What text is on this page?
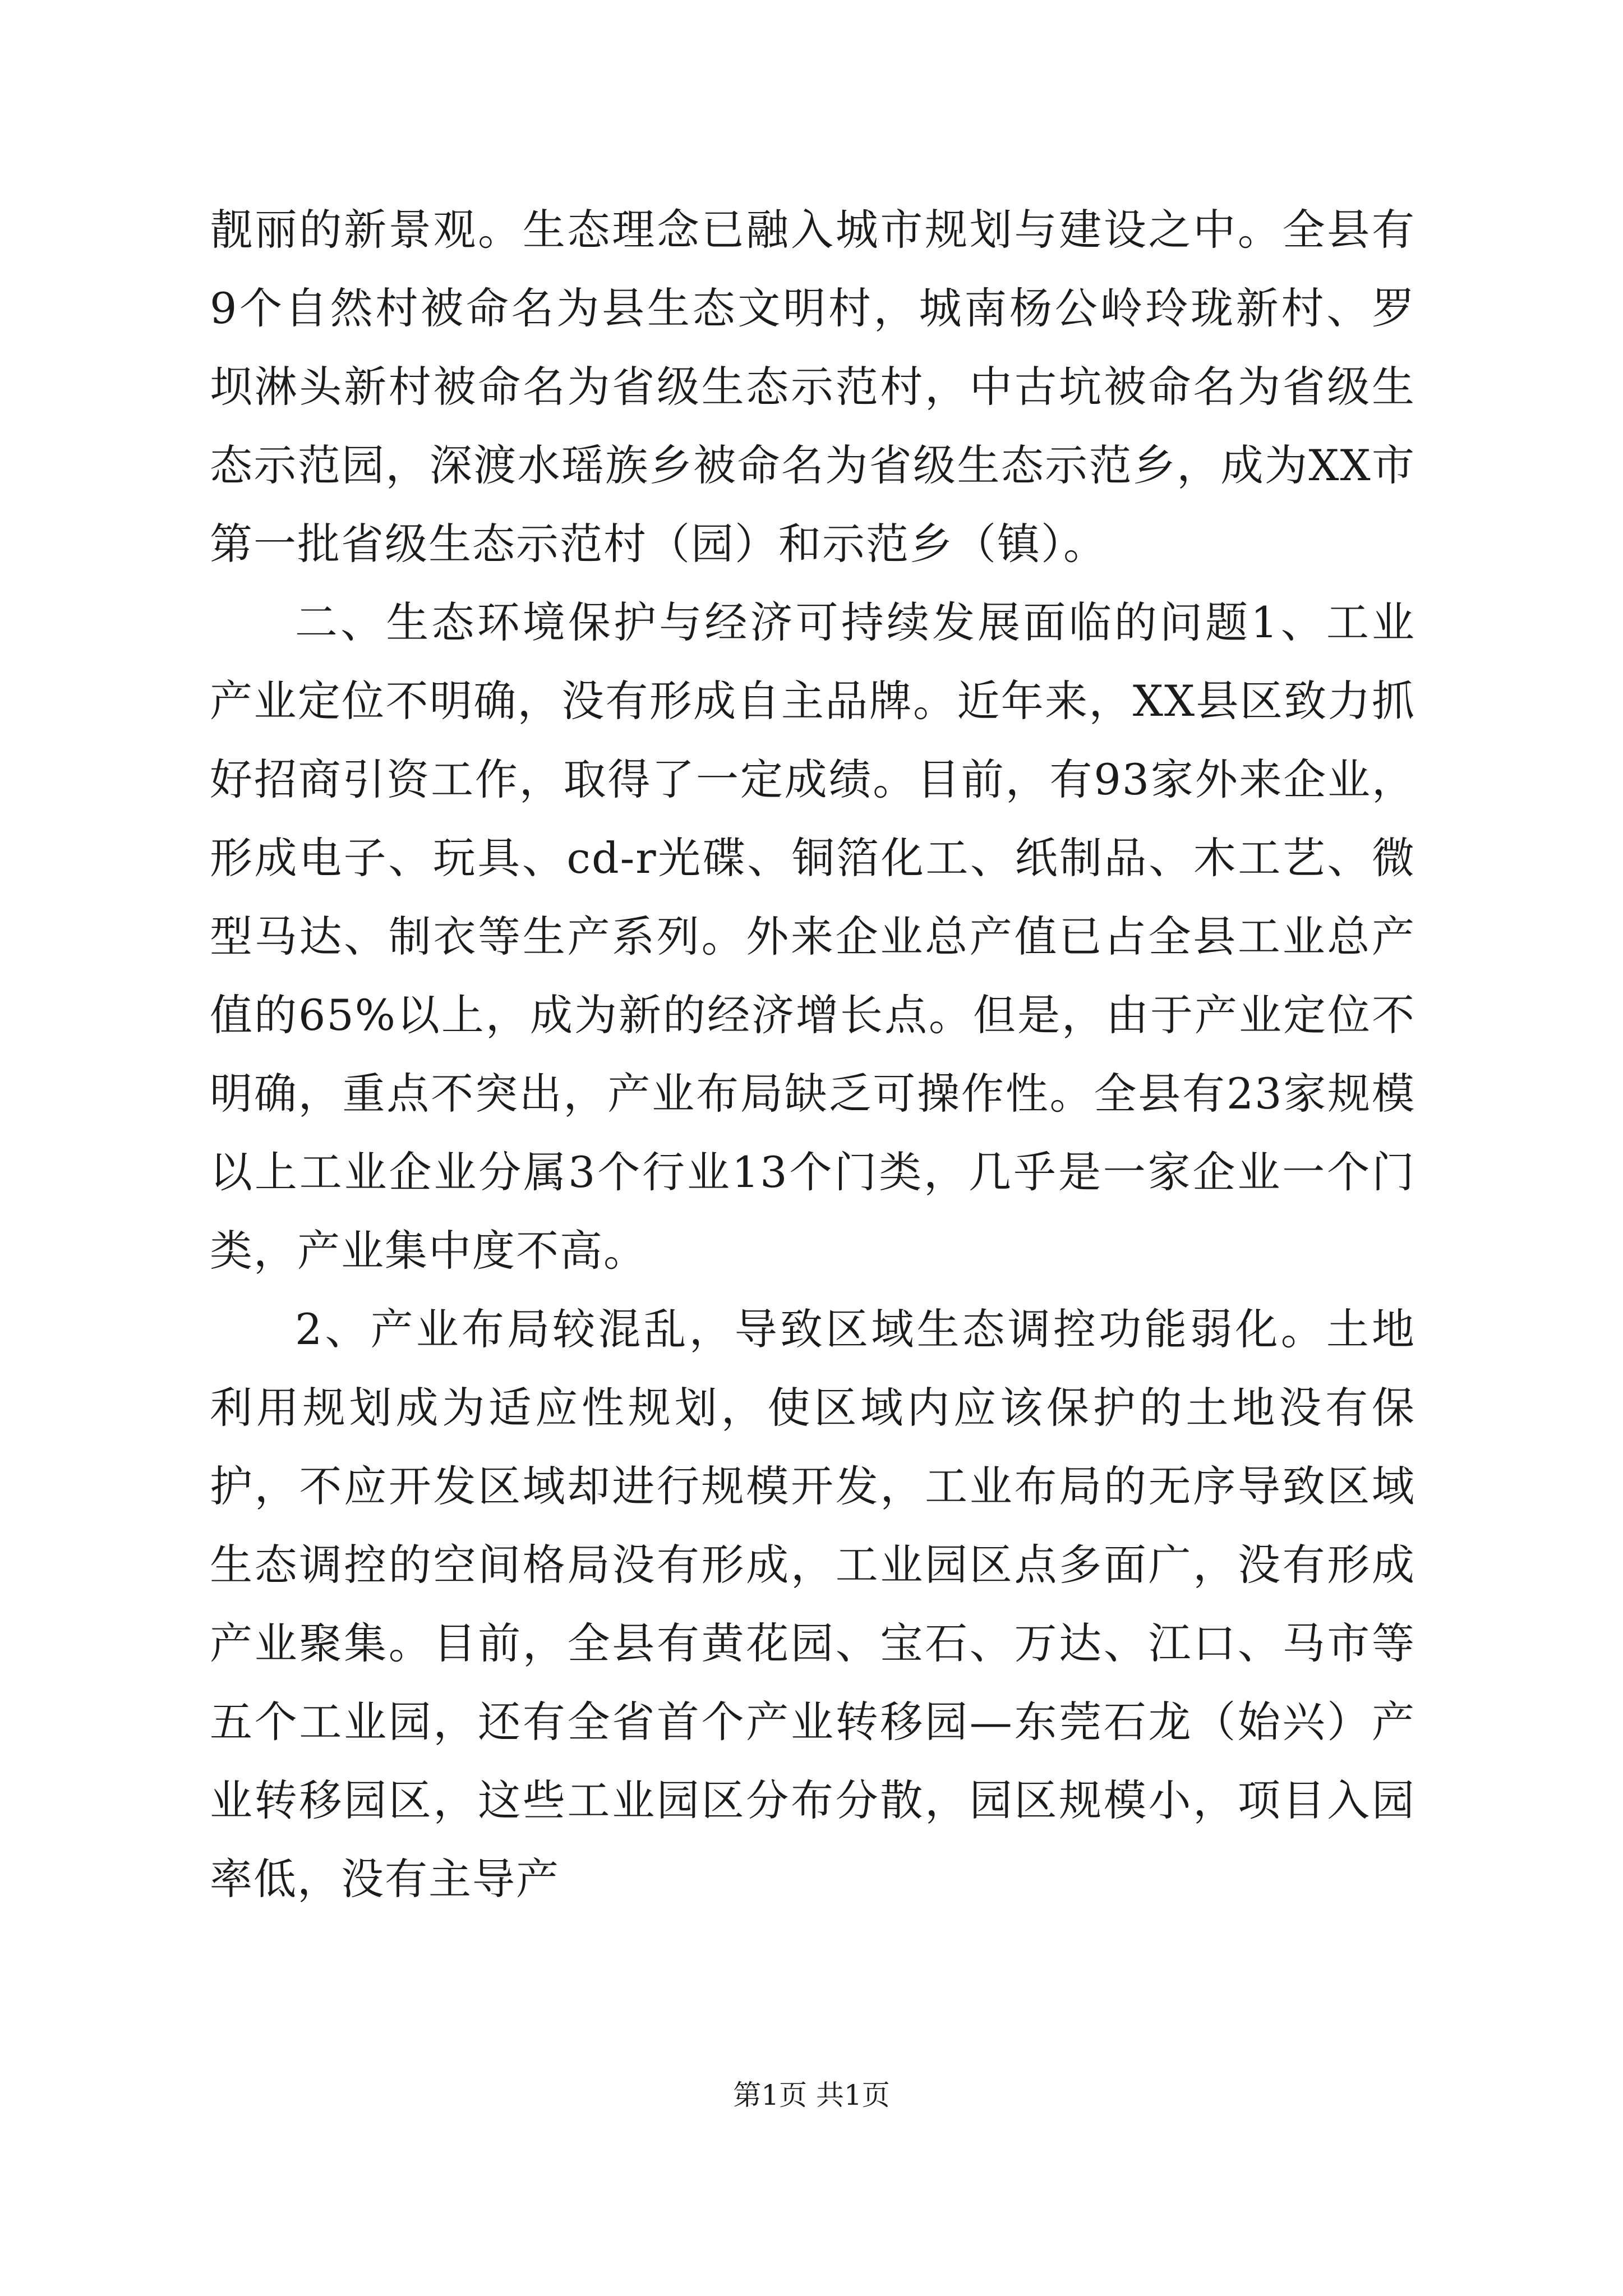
靓丽的新景观。生态理念已融入城市规划与建设之中。全县有9个自然村被命名为县生态文明村，城南杨公岭玲珑新村、罗坝淋头新村被命名为省级生态示范村，中古坑被命名为省级生态示范园，深渡水瑶族乡被命名为省级生态示范乡，成为XX市第一批省级生态示范村（园）和示范乡（镇）。

二、生态环境保护与经济可持续发展面临的问题1、工业产业定位不明确，没有形成自主品牌。近年来，XX县区致力抓好招商引资工作，取得了一定成绩。目前，有93家外来企业，形成电子、玩具、cd-r光碟、铜箔化工、纸制品、木工艺、微型马达、制衣等生产系列。外来企业总产值已占全县工业总产值的65%以上，成为新的经济增长点。但是，由于产业定位不明确，重点不突出，产业布局缺乏可操作性。全县有23家规模以上工业企业分属3个行业13个门类，几乎是一家企业一个门类，产业集中度不高。

2、产业布局较混乱，导致区域生态调控功能弱化。土地利用规划成为适应性规划，使区域内应该保护的土地没有保护，不应开发区域却进行规模开发，工业布局的无序导致区域生态调控的空间格局没有形成，工业园区点多面广，没有形成产业聚集。目前，全县有黄花园、宝石、万达、江口、马市等五个工业园，还有全省首个产业转移园—东莞石龙（始兴）产业转移园区，这些工业园区分布分散，园区规模小，项目入园率低，没有主导产

第1页 共1页
